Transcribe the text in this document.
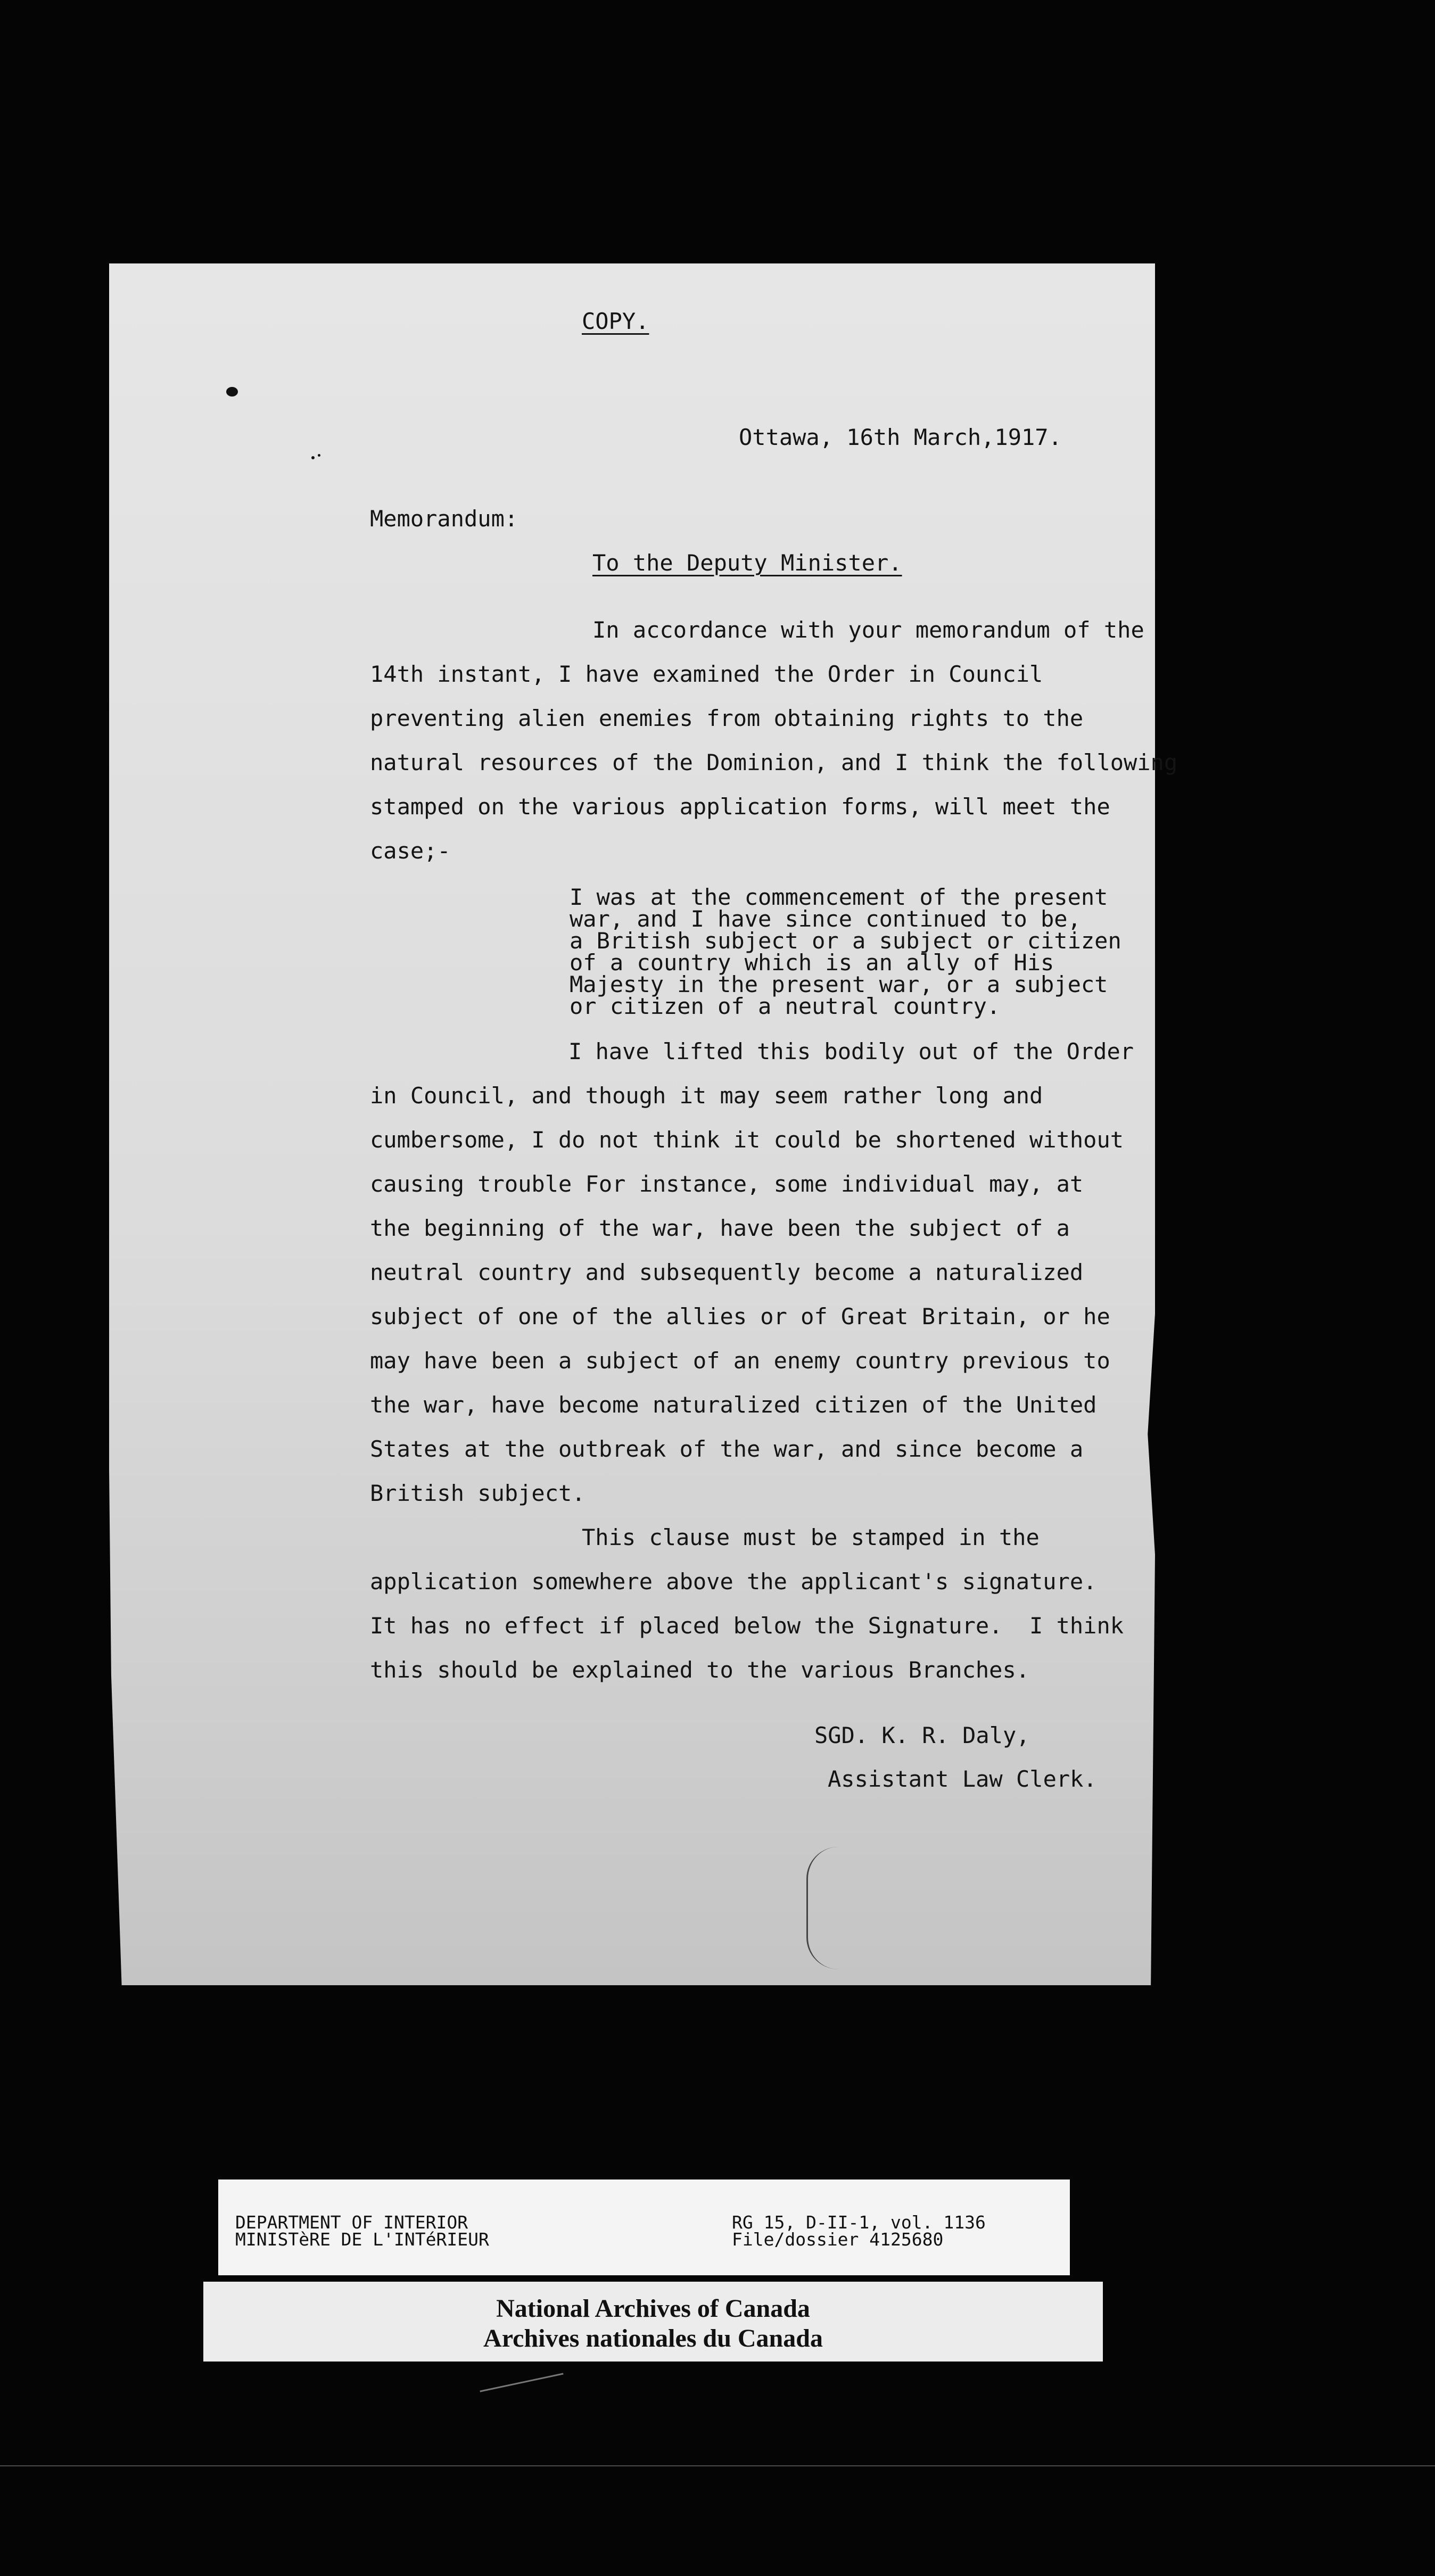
COPY.
Ottawa, 16th March,1917.
Memorandum:
To the Deputy Minister.
In accordance with your memorandum of the
14th instant, I have examined the Order in Council
preventing alien enemies from obtaining rights to the
natural resources of the Dominion, and I think the following
stamped on the various application forms, will meet the
case;-
I was at the commencement of the present
war, and I have since continued to be,
a British subject or a subject or citizen
of a country which is an ally of His
Majesty in the present war, or a subject
or citizen of a neutral country.
I have lifted this bodily out of the Order
in Council, and though it may seem rather long and
cumbersome, I do not think it could be shortened without
causing trouble For instance, some individual may, at
the beginning of the war, have been the subject of a
neutral country and subsequently become a naturalized
subject of one of the allies or of Great Britain, or he
may have been a subject of an enemy country previous to
the war, have become naturalized citizen of the United
States at the outbreak of the war, and since become a
British subject.
This clause must be stamped in the
application somewhere above the applicant's signature.
It has no effect if placed below the Signature.  I think
this should be explained to the various Branches.
SGD. K. R. Daly,
Assistant Law Clerk.
DEPARTMENT OF INTERIOR
MINISTèRE DE L'INTéRIEUR
RG 15, D-II-1, vol. 1136
File/dossier 4125680
National Archives of Canada
Archives nationales du Canada
